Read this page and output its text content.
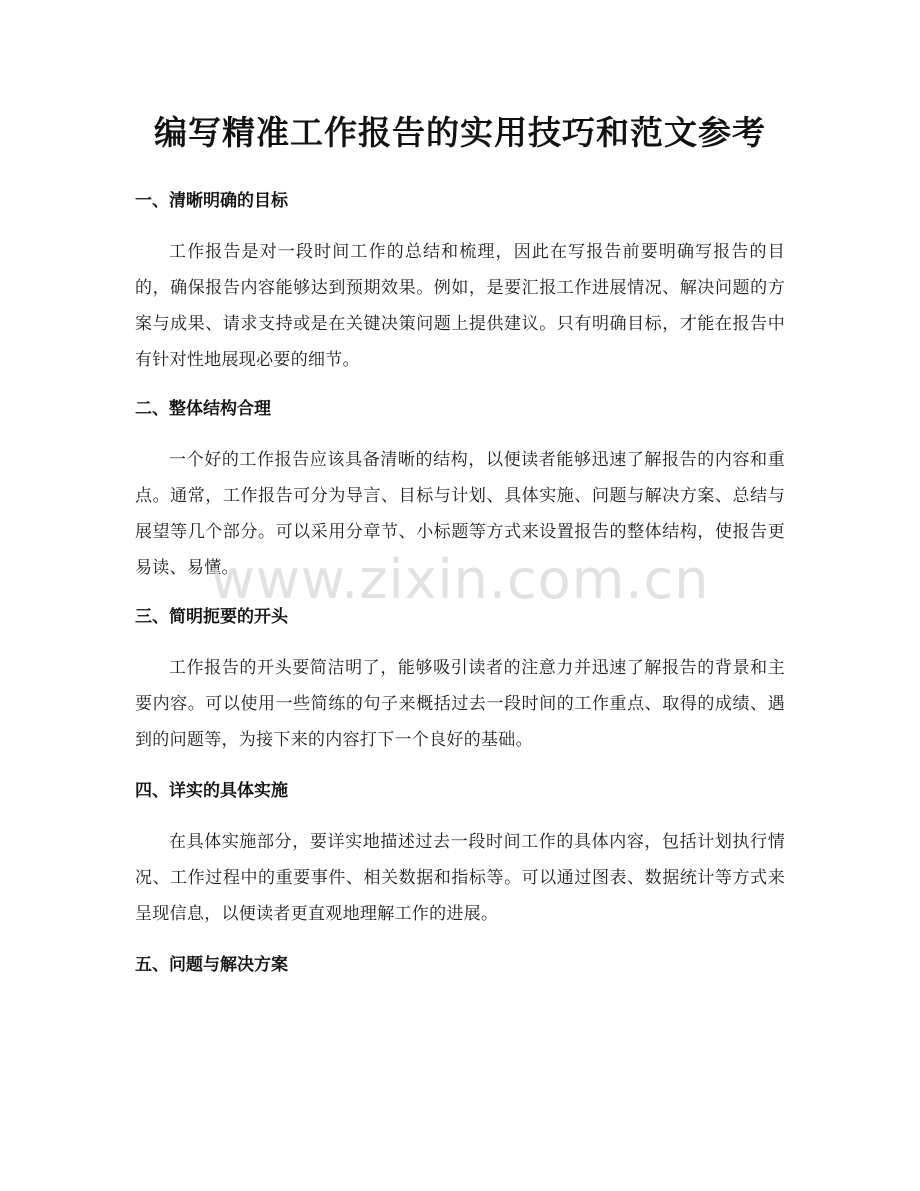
编写精准工作报告的实用技巧和范文参考

一、清晰明确的目标

工作报告是对一段时间工作的总结和梳理，因此在写报告前要明确写报告的目的，确保报告内容能够达到预期效果。例如，是要汇报工作进展情况、解决问题的方案与成果、请求支持或是在关键决策问题上提供建议。只有明确目标，才能在报告中有针对性地展现必要的细节。

二、整体结构合理

一个好的工作报告应该具备清晰的结构，以便读者能够迅速了解报告的内容和重点。通常，工作报告可分为导言、目标与计划、具体实施、问题与解决方案、总结与展望等几个部分。可以采用分章节、小标题等方式来设置报告的整体结构，使报告更易读、易懂。

三、简明扼要的开头

工作报告的开头要简洁明了，能够吸引读者的注意力并迅速了解报告的背景和主要内容。可以使用一些简练的句子来概括过去一段时间的工作重点、取得的成绩、遇到的问题等，为接下来的内容打下一个良好的基础。

四、详实的具体实施

在具体实施部分，要详实地描述过去一段时间工作的具体内容，包括计划执行情况、工作过程中的重要事件、相关数据和指标等。可以通过图表、数据统计等方式来呈现信息，以便读者更直观地理解工作的进展。

五、问题与解决方案

www.zixin.com.cn
